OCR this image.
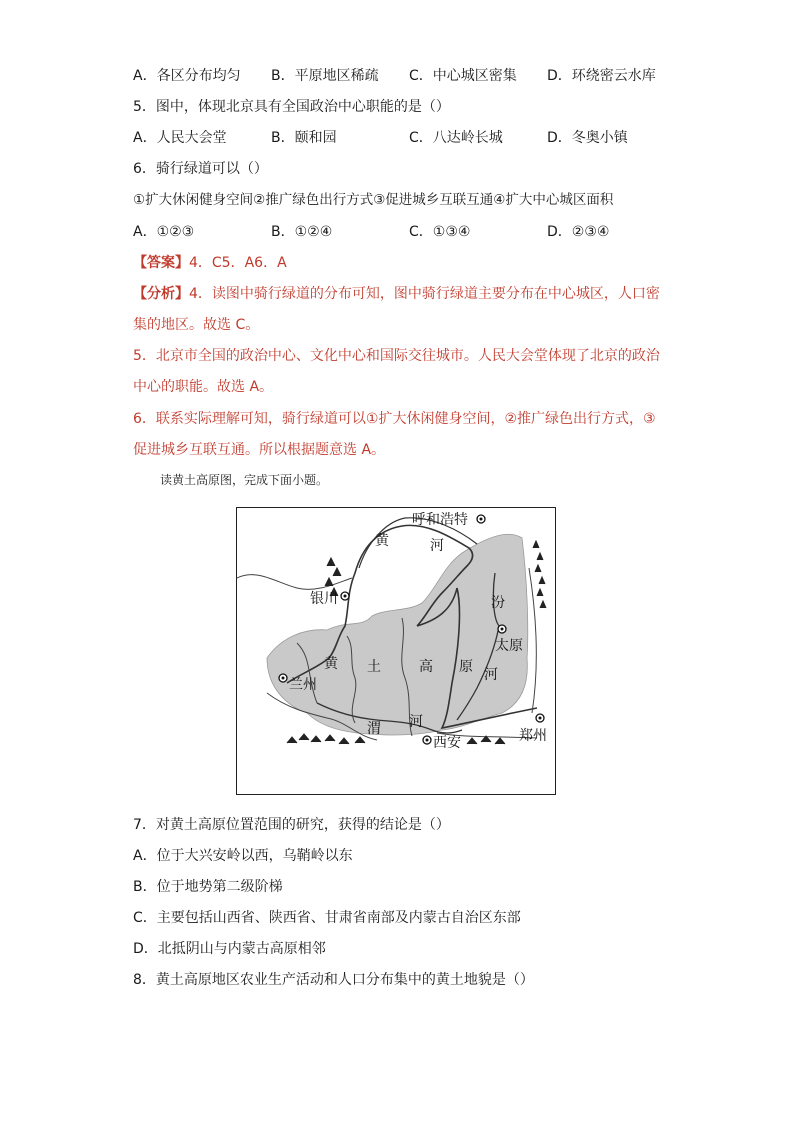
A．各区分布均匀 B．平原地区稀疏 C．中心城区密集 D．环绕密云水库
5．图中，体现北京具有全国政治中心职能的是（）
A．人民大会堂	B．颐和园	C．八达岭长城	D．冬奥小镇
6．骑行绿道可以（）
①扩大休闲健身空间②推广绿色出行方式③促进城乡互联互通④扩大中心城区面积
A．①②③	B．①②④	C．①③④	D．②③④
【答案】4．C5．A6．A
【分析】4．读图中骑行绿道的分布可知，图中骑行绿道主要分布在中心城区，人口密
集的地区。故选 C。
5．北京市全国的政治中心、文化中心和国际交往城市。人民大会堂体现了北京的政治
中心的职能。故选 A。
6．联系实际理解可知，骑行绿道可以①扩大休闲健身空间，②推广绿色出行方式，③
促进城乡互联互通。所以根据题意选 A。
读黄土高原图，完成下面小题。
呼和浩特
银川
太原
兰州
西安	郑州
黄 土	高 原
黄	河
汾
河
渭 河
7．对黄土高原位置范围的研究，获得的结论是（）
A．位于大兴安岭以西，乌鞘岭以东
B．位于地势第二级阶梯
C．主要包括山西省、陕西省、甘肃省南部及内蒙古自治区东部
D．北抵阴山与内蒙古高原相邻
8．黄土高原地区农业生产活动和人口分布集中的黄土地貌是（）
